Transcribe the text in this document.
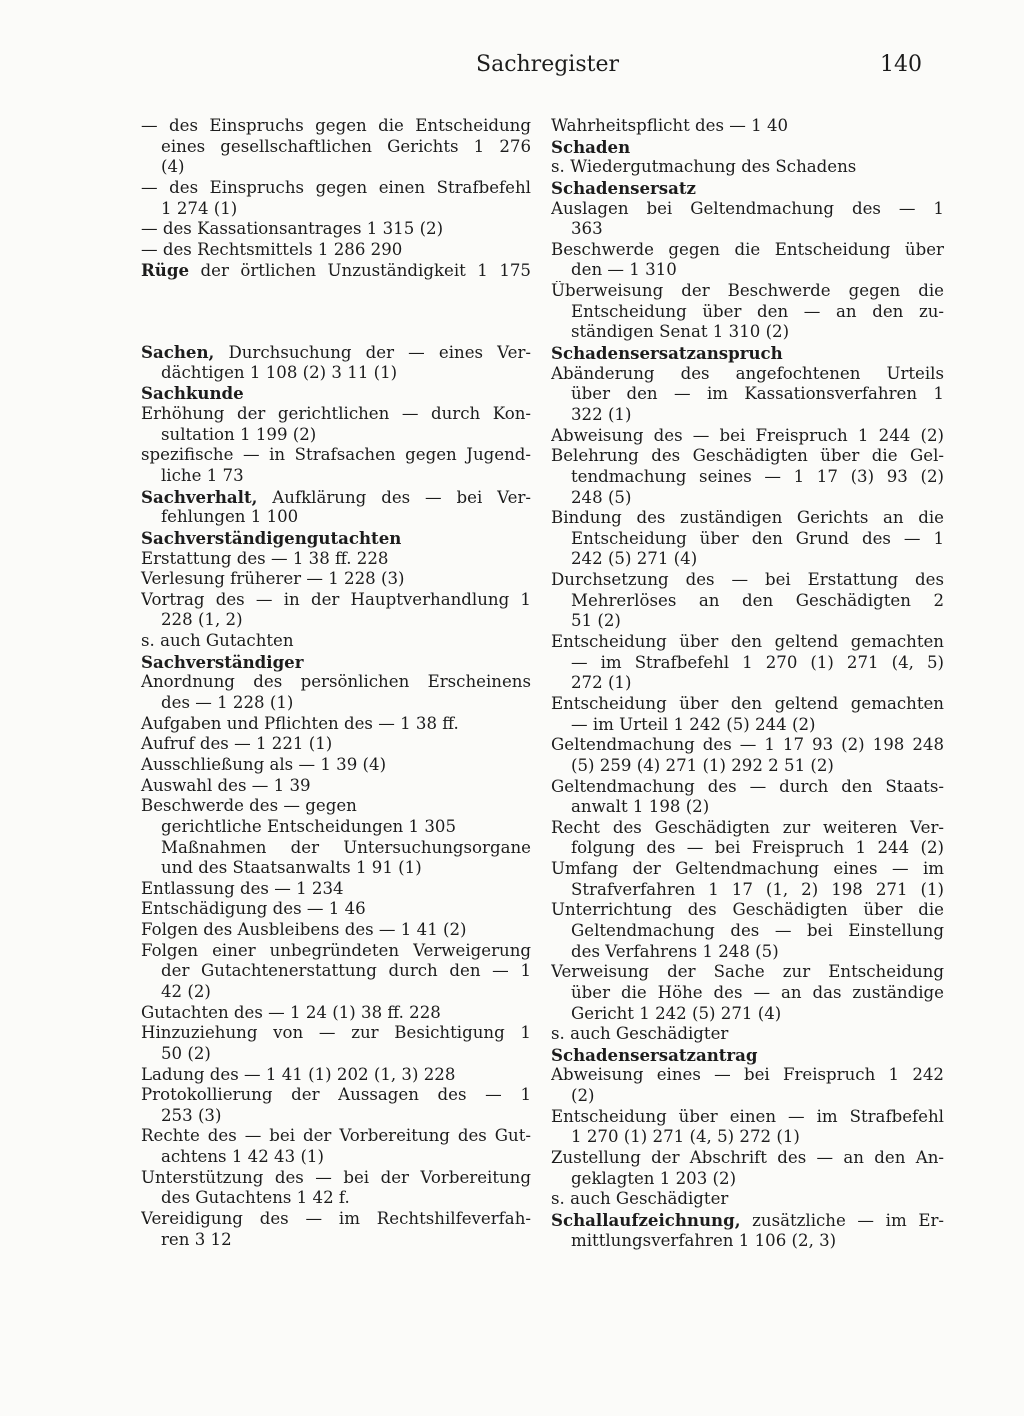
Sachregister	140
— des Einspruchs gegen die Entscheidung
eines gesellschaftlichen Gerichts 1 276
(4)
— des Einspruchs gegen einen Strafbefehl
1 274 (1)
— des Kassationsantrages 1 315 (2)
— des Rechtsmittels 1 286 290
Rüge der örtlichen Unzuständigkeit 1 175
Sachen, Durchsuchung der — eines Ver-
dächtigen 1 108 (2) 3 11 (1)
Sachkunde
Erhöhung der gerichtlichen — durch Kon-
sultation 1 199 (2)
spezifische — in Strafsachen gegen Jugend-
liche 1 73
Sachverhalt, Aufklärung des — bei Ver-
fehlungen 1 100
Sachverständigengutachten
Erstattung des — 1 38 ff. 228
Verlesung früherer — 1 228 (3)
Vortrag des — in der Hauptverhandlung 1
228 (1, 2)
s. auch Gutachten
Sachverständiger
Anordnung des persönlichen Erscheinens
des — 1 228 (1)
Aufgaben und Pflichten des — 1 38 ff.
Aufruf des — 1 221 (1)
Ausschließung als — 1 39 (4)
Auswahl des — 1 39
Beschwerde des — gegen
gerichtliche Entscheidungen 1 305
Maßnahmen der Untersuchungsorgane
und des Staatsanwalts 1 91 (1)
Entlassung des — 1 234
Entschädigung des — 1 46
Folgen des Ausbleibens des — 1 41 (2)
Folgen einer unbegründeten Verweigerung
der Gutachtenerstattung durch den — 1
42 (2)
Gutachten des — 1 24 (1) 38 ff. 228
Hinzuziehung von — zur Besichtigung 1
50 (2)
Ladung des — 1 41 (1) 202 (1, 3) 228
Protokollierung der Aussagen des — 1
253 (3)
Rechte des — bei der Vorbereitung des Gut-
achtens 1 42 43 (1)
Unterstützung des — bei der Vorbereitung
des Gutachtens 1 42 f.
Vereidigung des — im Rechtshilfeverfah-
ren 3 12
Wahrheitspflicht des — 1 40
Schaden
s. Wiedergutmachung des Schadens
Schadensersatz
Auslagen bei Geltendmachung des — 1
363
Beschwerde gegen die Entscheidung über
den — 1 310
Überweisung der Beschwerde gegen die
Entscheidung über den — an den zu-
ständigen Senat 1 310 (2)
Schadensersatzanspruch
Abänderung des angefochtenen Urteils
über den — im Kassationsverfahren 1
322 (1)
Abweisung des — bei Freispruch 1 244 (2)
Belehrung des Geschädigten über die Gel-
tendmachung seines — 1 17 (3) 93 (2)
248 (5)
Bindung des zuständigen Gerichts an die
Entscheidung über den Grund des — 1
242 (5) 271 (4)
Durchsetzung des — bei Erstattung des
Mehrerlöses an den Geschädigten 2
51 (2)
Entscheidung über den geltend gemachten
— im Strafbefehl 1 270 (1) 271 (4, 5)
272 (1)
Entscheidung über den geltend gemachten
— im Urteil 1 242 (5) 244 (2)
Geltendmachung des — 1 17 93 (2) 198 248
(5) 259 (4) 271 (1) 292 2 51 (2)
Geltendmachung des — durch den Staats-
anwalt 1 198 (2)
Recht des Geschädigten zur weiteren Ver-
folgung des — bei Freispruch 1 244 (2)
Umfang der Geltendmachung eines — im
Strafverfahren 1 17 (1, 2) 198 271 (1)
Unterrichtung des Geschädigten über die
Geltendmachung des — bei Einstellung
des Verfahrens 1 248 (5)
Verweisung der Sache zur Entscheidung
über die Höhe des — an das zuständige
Gericht 1 242 (5) 271 (4)
s. auch Geschädigter
Schadensersatzantrag
Abweisung eines — bei Freispruch 1 242
(2)
Entscheidung über einen — im Strafbefehl
1 270 (1) 271 (4, 5) 272 (1)
Zustellung der Abschrift des — an den An-
geklagten 1 203 (2)
s. auch Geschädigter
Schallaufzeichnung, zusätzliche — im Er-
mittlungsverfahren 1 106 (2, 3)
